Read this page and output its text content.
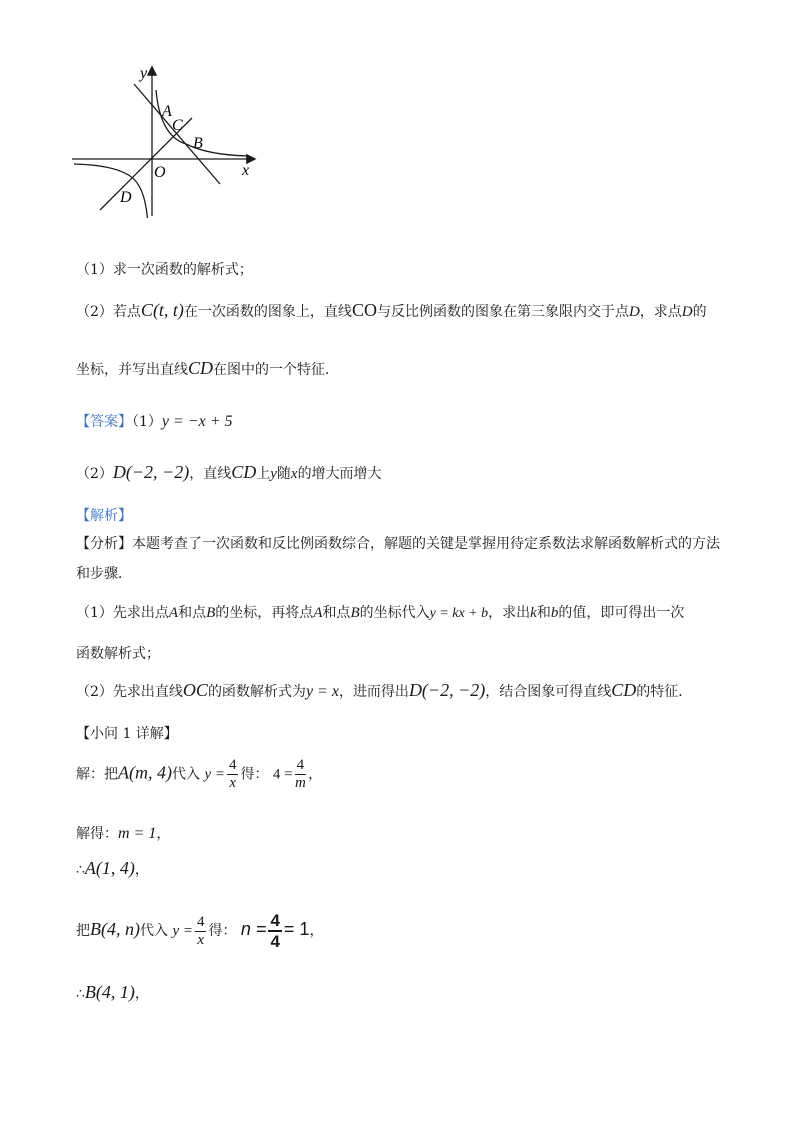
y
x
O
A
C
B
D
（1）求一次函数的解析式；
（2）若点C(t, t)在一次函数的图象上，直线CO与反比例函数的图象在第三象限内交于点D，求点D的
坐标，并写出直线CD在图中的一个特征．
【答案】（1）y = −x + 5
（2）D(−2, −2)，直线CD上y随x的增大而增大
【解析】
【分析】本题考查了一次函数和反比例函数综合，解题的关键是掌握用待定系数法求解函数解析式的方法
和步骤．
（1）先求出点A和点B的坐标，再将点A和点B的坐标代入y = kx + b，求出k和b的值，即可得出一次
函数解析式；
（2）先求出直线OC的函数解析式为y = x，进而得出D(−2, −2)，结合图象可得直线CD的特征．
【小问 1 详解】
解：把A(m, 4)代入 $y = \frac{4}{x}$ 得： $4 = \frac{4}{m}$ ，
解得：m = 1，
∴A(1, 4)，
把B(4, n)代入 $y = \frac{4}{x}$ 得： $n = \frac{4}{4} = 1$，
∴B(4, 1)，
